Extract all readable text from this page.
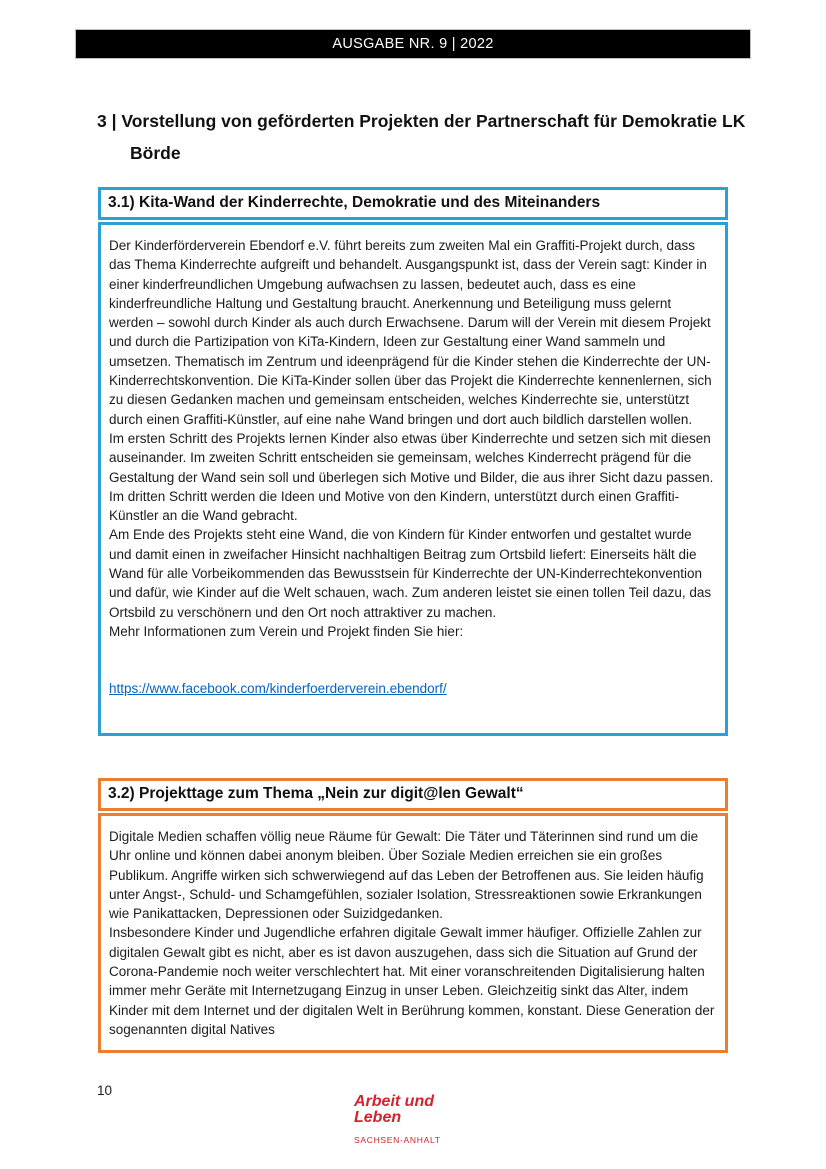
AUSGABE NR. 9 | 2022
3 | Vorstellung von geförderten Projekten der Partnerschaft für Demokratie LK Börde
3.1) Kita-Wand der Kinderrechte, Demokratie und des Miteinanders

Der Kinderförderverein Ebendorf e.V. führt bereits zum zweiten Mal ein Graffiti-Projekt durch, dass das Thema Kinderrechte aufgreift und behandelt. Ausgangspunkt ist, dass der Verein sagt: Kinder in einer kinderfreundlichen Umgebung aufwachsen zu lassen, bedeutet auch, dass es eine kinderfreundliche Haltung und Gestaltung braucht. Anerkennung und Beteiligung muss gelernt werden – sowohl durch Kinder als auch durch Erwachsene. Darum will der Verein mit diesem Projekt und durch die Partizipation von KiTa-Kindern, Ideen zur Gestaltung einer Wand sammeln und umsetzen. Thematisch im Zentrum und ideenprägend für die Kinder stehen die Kinderrechte der UN-Kinderrechtskonvention. Die KiTa-Kinder sollen über das Projekt die Kinderrechte kennenlernen, sich zu diesen Gedanken machen und gemeinsam entscheiden, welches Kinderrechte sie, unterstützt durch einen Graffiti-Künstler, auf eine nahe Wand bringen und dort auch bildlich darstellen wollen.

Im ersten Schritt des Projekts lernen Kinder also etwas über Kinderrechte und setzen sich mit diesen auseinander. Im zweiten Schritt entscheiden sie gemeinsam, welches Kinderrecht prägend für die Gestaltung der Wand sein soll und überlegen sich Motive und Bilder, die aus ihrer Sicht dazu passen. Im dritten Schritt werden die Ideen und Motive von den Kindern, unterstützt durch einen Graffiti-Künstler an die Wand gebracht.

Am Ende des Projekts steht eine Wand, die von Kindern für Kinder entworfen und gestaltet wurde und damit einen in zweifacher Hinsicht nachhaltigen Beitrag zum Ortsbild liefert: Einerseits hält die Wand für alle Vorbeikommenden das Bewusstsein für Kinderrechte der UN-Kinderrechtekonvention und dafür, wie Kinder auf die Welt schauen, wach. Zum anderen leistet sie einen tollen Teil dazu, das Ortsbild zu verschönern und den Ort noch attraktiver zu machen.

Mehr Informationen zum Verein und Projekt finden Sie hier:

https://www.facebook.com/kinderfoerderverein.ebendorf/

3.2) Projekttage zum Thema „Nein zur digit@len Gewalt“

Digitale Medien schaffen völlig neue Räume für Gewalt: Die Täter und Täterinnen sind rund um die Uhr online und können dabei anonym bleiben. Über Soziale Medien erreichen sie ein großes Publikum. Angriffe wirken sich schwerwiegend auf das Leben der Betroffenen aus. Sie leiden häufig unter Angst-, Schuld- und Schamgefühlen, sozialer Isolation, Stressreaktionen sowie Erkrankungen wie Panikattacken, Depressionen oder Suizidgedanken.

Insbesondere Kinder und Jugendliche erfahren digitale Gewalt immer häufiger. Offizielle Zahlen zur digitalen Gewalt gibt es nicht, aber es ist davon auszugehen, dass sich die Situation auf Grund der Corona-Pandemie noch weiter verschlechtert hat. Mit einer voranschreitenden Digitalisierung halten immer mehr Geräte mit Internetzugang Einzug in unser Leben. Gleichzeitig sinkt das Alter, indem Kinder mit dem Internet und der digitalen Welt in Berührung kommen, konstant. Diese Generation der sogenannten digital Natives

10
Arbeit und
Leben
SACHSEN-ANHALT
